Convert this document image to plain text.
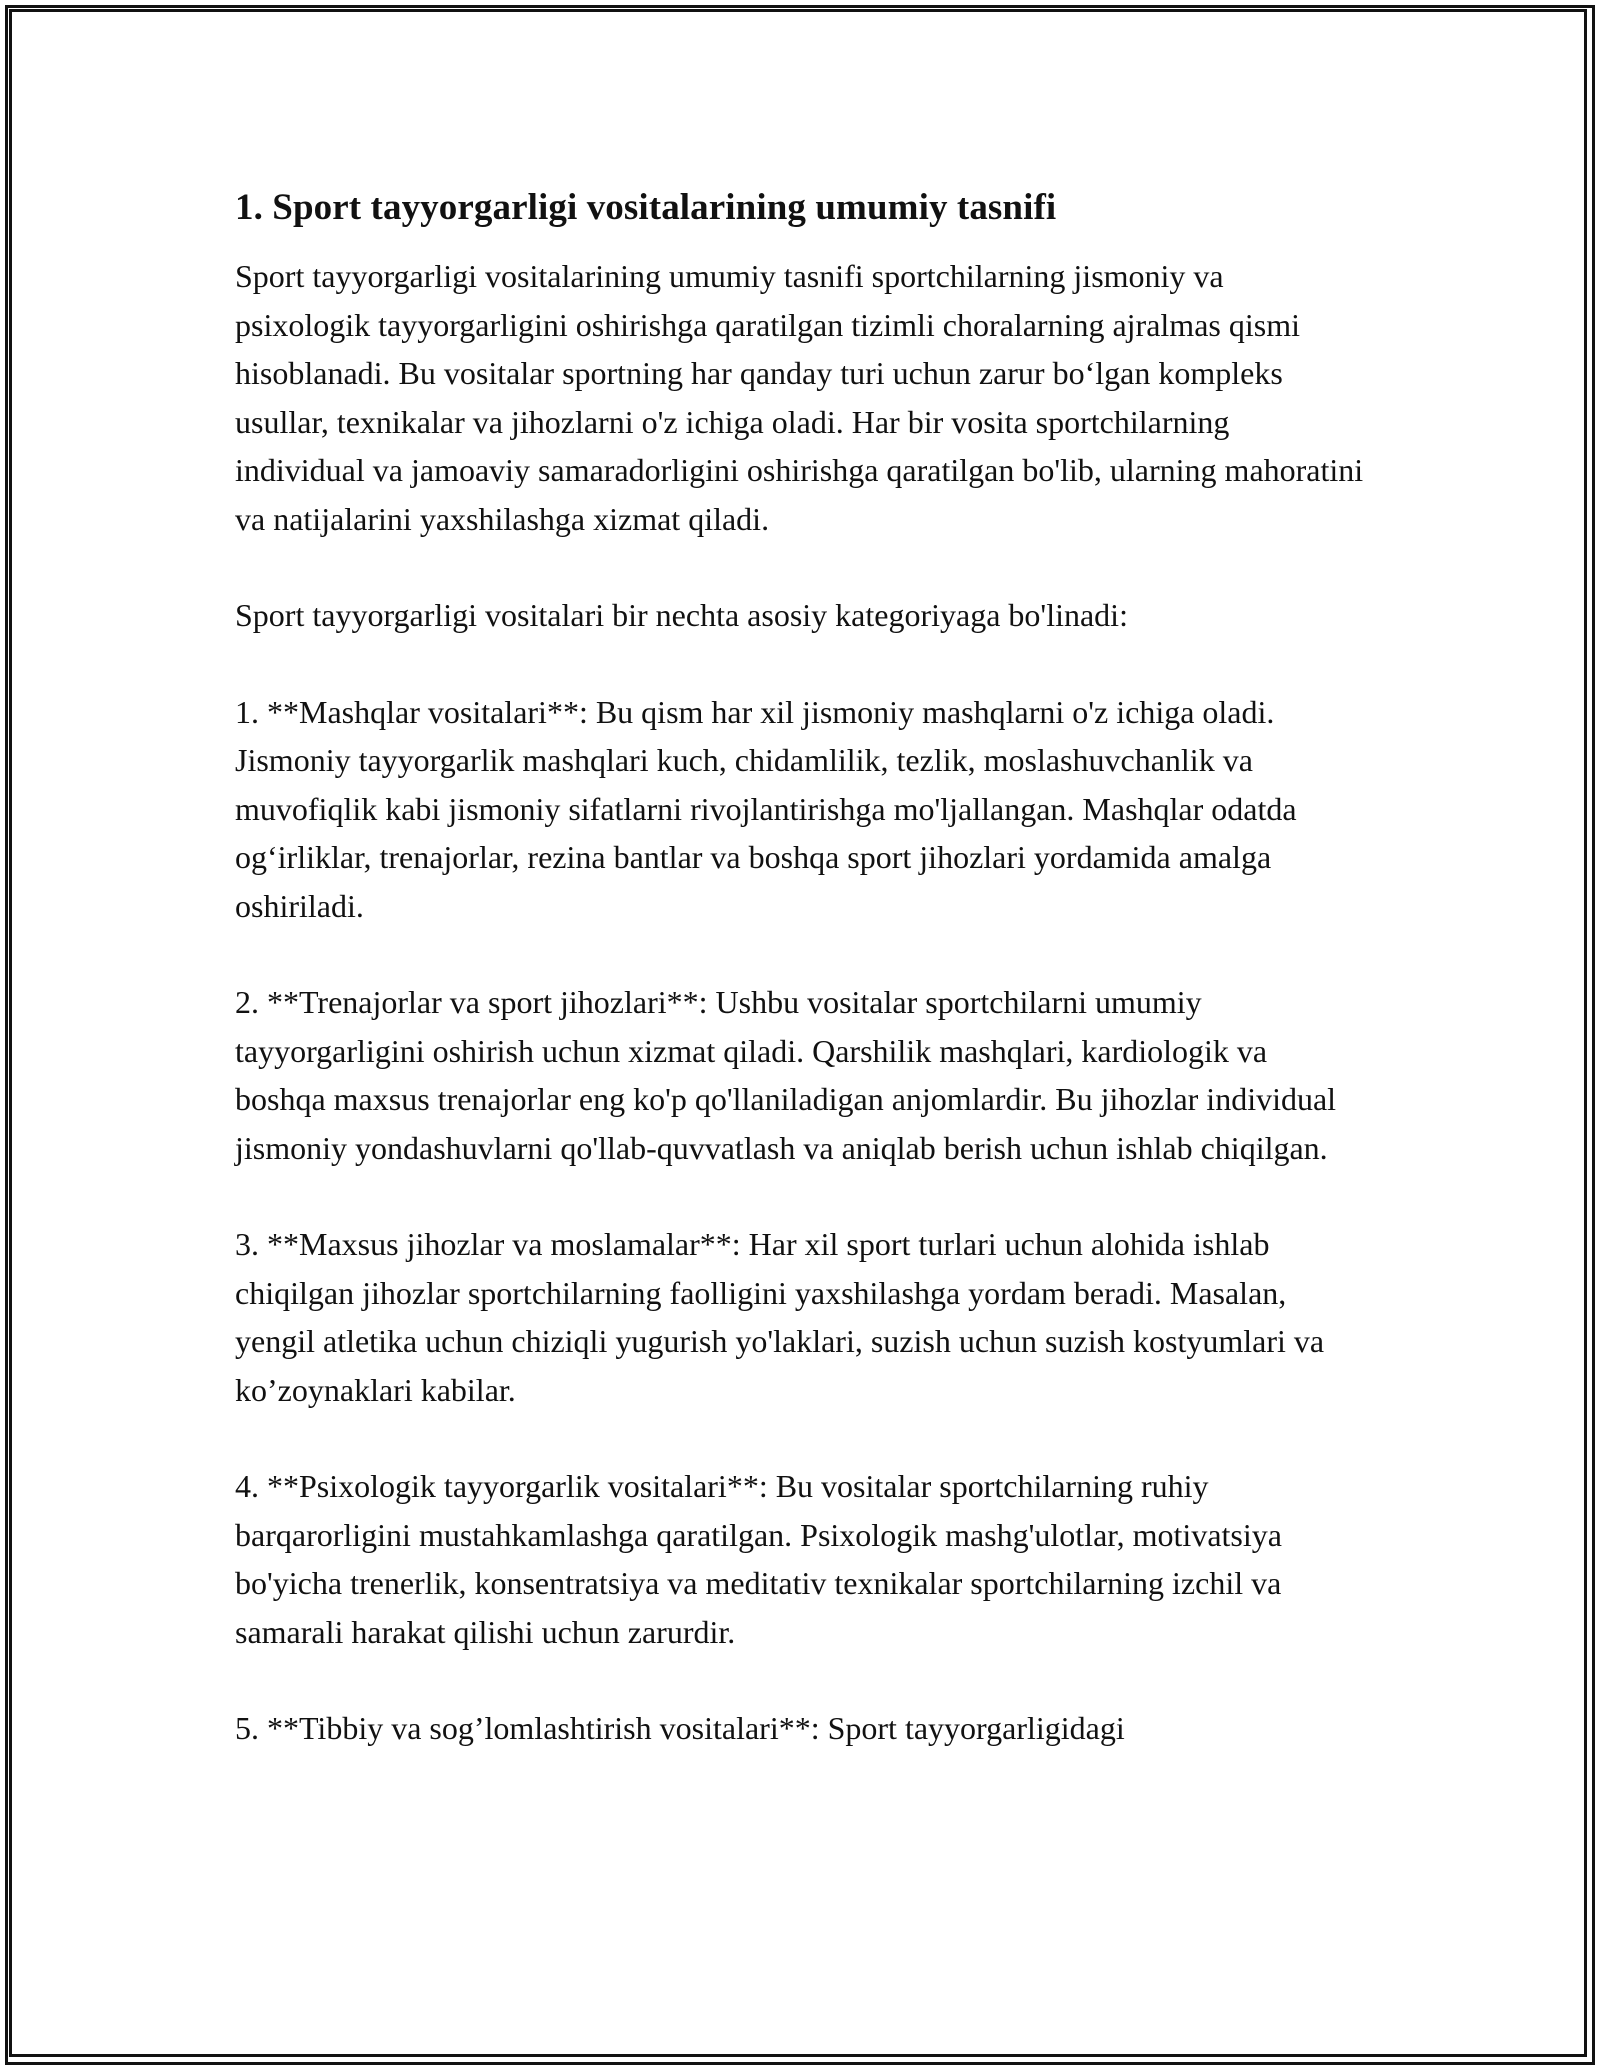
1. Sport tayyorgarligi vositalarining umumiy tasnifi

Sport tayyorgarligi vositalarining umumiy tasnifi sportchilarning jismoniy va psixologik tayyorgarligini oshirishga qaratilgan tizimli choralarning ajralmas qismi hisoblanadi. Bu vositalar sportning har qanday turi uchun zarur bo‘lgan kompleks usullar, texnikalar va jihozlarni o'z ichiga oladi. Har bir vosita sportchilarning individual va jamoaviy samaradorligini oshirishga qaratilgan bo'lib, ularning mahoratini va natijalarini yaxshilashga xizmat qiladi.

Sport tayyorgarligi vositalari bir nechta asosiy kategoriyaga bo'linadi:

1. **Mashqlar vositalari**: Bu qism har xil jismoniy mashqlarni o'z ichiga oladi. Jismoniy tayyorgarlik mashqlari kuch, chidamlilik, tezlik, moslashuvchanlik va muvofiqlik kabi jismoniy sifatlarni rivojlantirishga mo'ljallangan. Mashqlar odatda og‘irliklar, trenajorlar, rezina bantlar va boshqa sport jihozlari yordamida amalga oshiriladi.

2. **Trenajorlar va sport jihozlari**: Ushbu vositalar sportchilarni umumiy tayyorgarligini oshirish uchun xizmat qiladi. Qarshilik mashqlari, kardiologik va boshqa maxsus trenajorlar eng ko'p qo'llaniladigan anjomlardir. Bu jihozlar individual jismoniy yondashuvlarni qo'llab-quvvatlash va aniqlab berish uchun ishlab chiqilgan.

3. **Maxsus jihozlar va moslamalar**: Har xil sport turlari uchun alohida ishlab chiqilgan jihozlar sportchilarning faolligini yaxshilashga yordam beradi. Masalan, yengil atletika uchun chiziqli yugurish yo'laklari, suzish uchun suzish kostyumlari va ko’zoynaklari kabilar.

4. **Psixologik tayyorgarlik vositalari**: Bu vositalar sportchilarning ruhiy barqarorligini mustahkamlashga qaratilgan. Psixologik mashg'ulotlar, motivatsiya bo'yicha trenerlik, konsentratsiya va meditativ texnikalar sportchilarning izchil va samarali harakat qilishi uchun zarurdir.

5. **Tibbiy va sog’lomlashtirish vositalari**: Sport tayyorgarligidagi
